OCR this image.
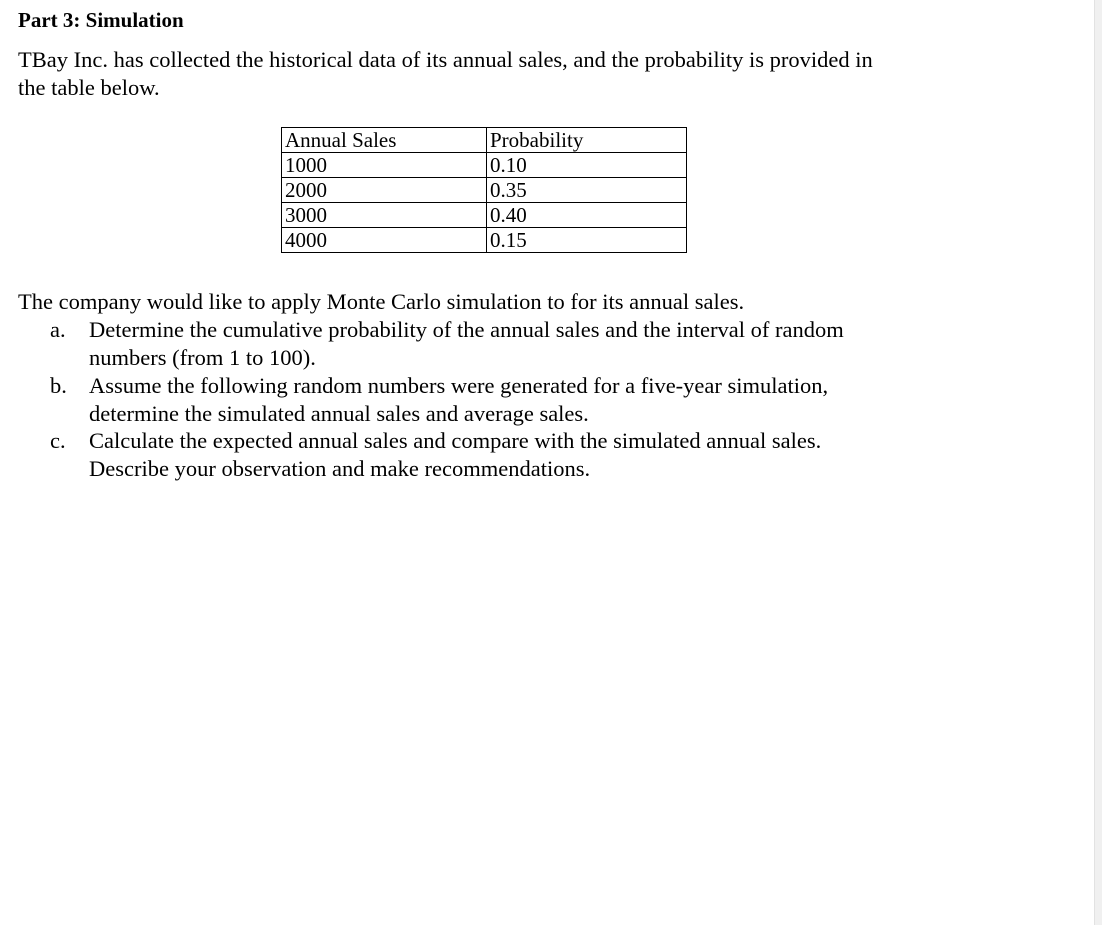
Part 3: Simulation
TBay Inc. has collected the historical data of its annual sales, and the probability is provided in
the table below.
Annual Sales	Probability
1000	0.10
2000	0.35
3000	0.40
4000	0.15
The company would like to apply Monte Carlo simulation to for its annual sales.
a.	Determine the cumulative probability of the annual sales and the interval of random
numbers (from 1 to 100).
b. Assume the following random numbers were generated for a five-year simulation,
determine the simulated annual sales and average sales.
c.	Calculate the expected annual sales and compare with the simulated annual sales.
Describe your observation and make recommendations.
